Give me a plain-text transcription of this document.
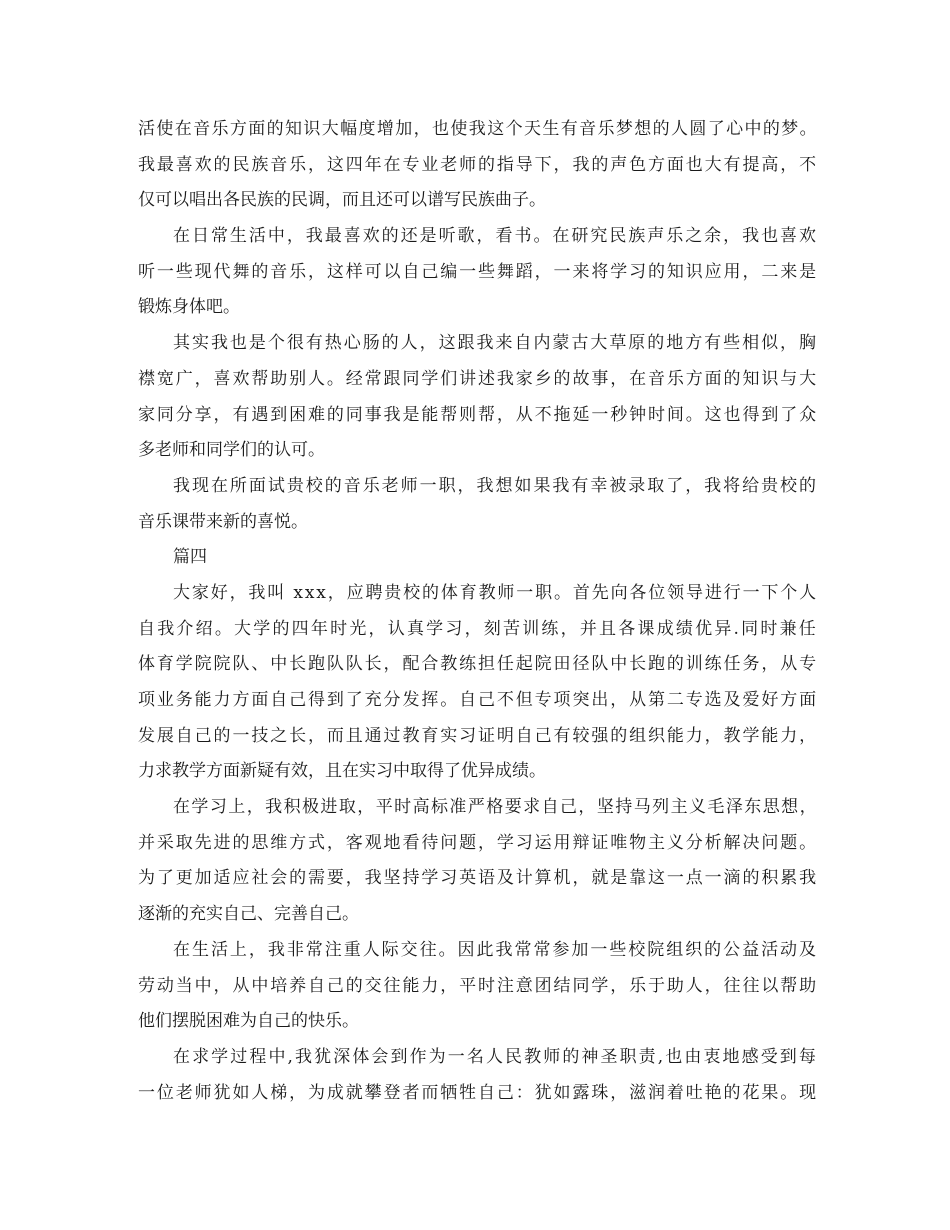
活使在音乐方面的知识大幅度增加，也使我这个天生有音乐梦想的人圆了心中的梦。

我最喜欢的民族音乐，这四年在专业老师的指导下，我的声色方面也大有提高，不

仅可以唱出各民族的民调，而且还可以谱写民族曲子。

在日常生活中，我最喜欢的还是听歌，看书。在研究民族声乐之余，我也喜欢

听一些现代舞的音乐，这样可以自己编一些舞蹈，一来将学习的知识应用，二来是

锻炼身体吧。

其实我也是个很有热心肠的人，这跟我来自内蒙古大草原的地方有些相似，胸

襟宽广，喜欢帮助别人。经常跟同学们讲述我家乡的故事，在音乐方面的知识与大

家同分享，有遇到困难的同事我是能帮则帮，从不拖延一秒钟时间。这也得到了众

多老师和同学们的认可。

我现在所面试贵校的音乐老师一职，我想如果我有幸被录取了，我将给贵校的

音乐课带来新的喜悦。

篇四

大家好，我叫 xxx，应聘贵校的体育教师一职。首先向各位领导进行一下个人

自我介绍。大学的四年时光，认真学习，刻苦训练，并且各课成绩优异.同时兼任

体育学院院队、中长跑队队长，配合教练担任起院田径队中长跑的训练任务，从专

项业务能力方面自己得到了充分发挥。自己不但专项突出，从第二专选及爱好方面

发展自己的一技之长，而且通过教育实习证明自己有较强的组织能力，教学能力，

力求教学方面新疑有效，且在实习中取得了优异成绩。

在学习上，我积极进取，平时高标准严格要求自己，坚持马列主义毛泽东思想，

并采取先进的思维方式，客观地看待问题，学习运用辩证唯物主义分析解决问题。

为了更加适应社会的需要，我坚持学习英语及计算机，就是靠这一点一滴的积累我

逐渐的充实自己、完善自己。

在生活上，我非常注重人际交往。因此我常常参加一些校院组织的公益活动及

劳动当中，从中培养自己的交往能力，平时注意团结同学，乐于助人，往往以帮助

他们摆脱困难为自己的快乐。

在求学过程中,我犹深体会到作为一名人民教师的神圣职责,也由衷地感受到每

一位老师犹如人梯，为成就攀登者而牺牲自己：犹如露珠，滋润着吐艳的花果。现
